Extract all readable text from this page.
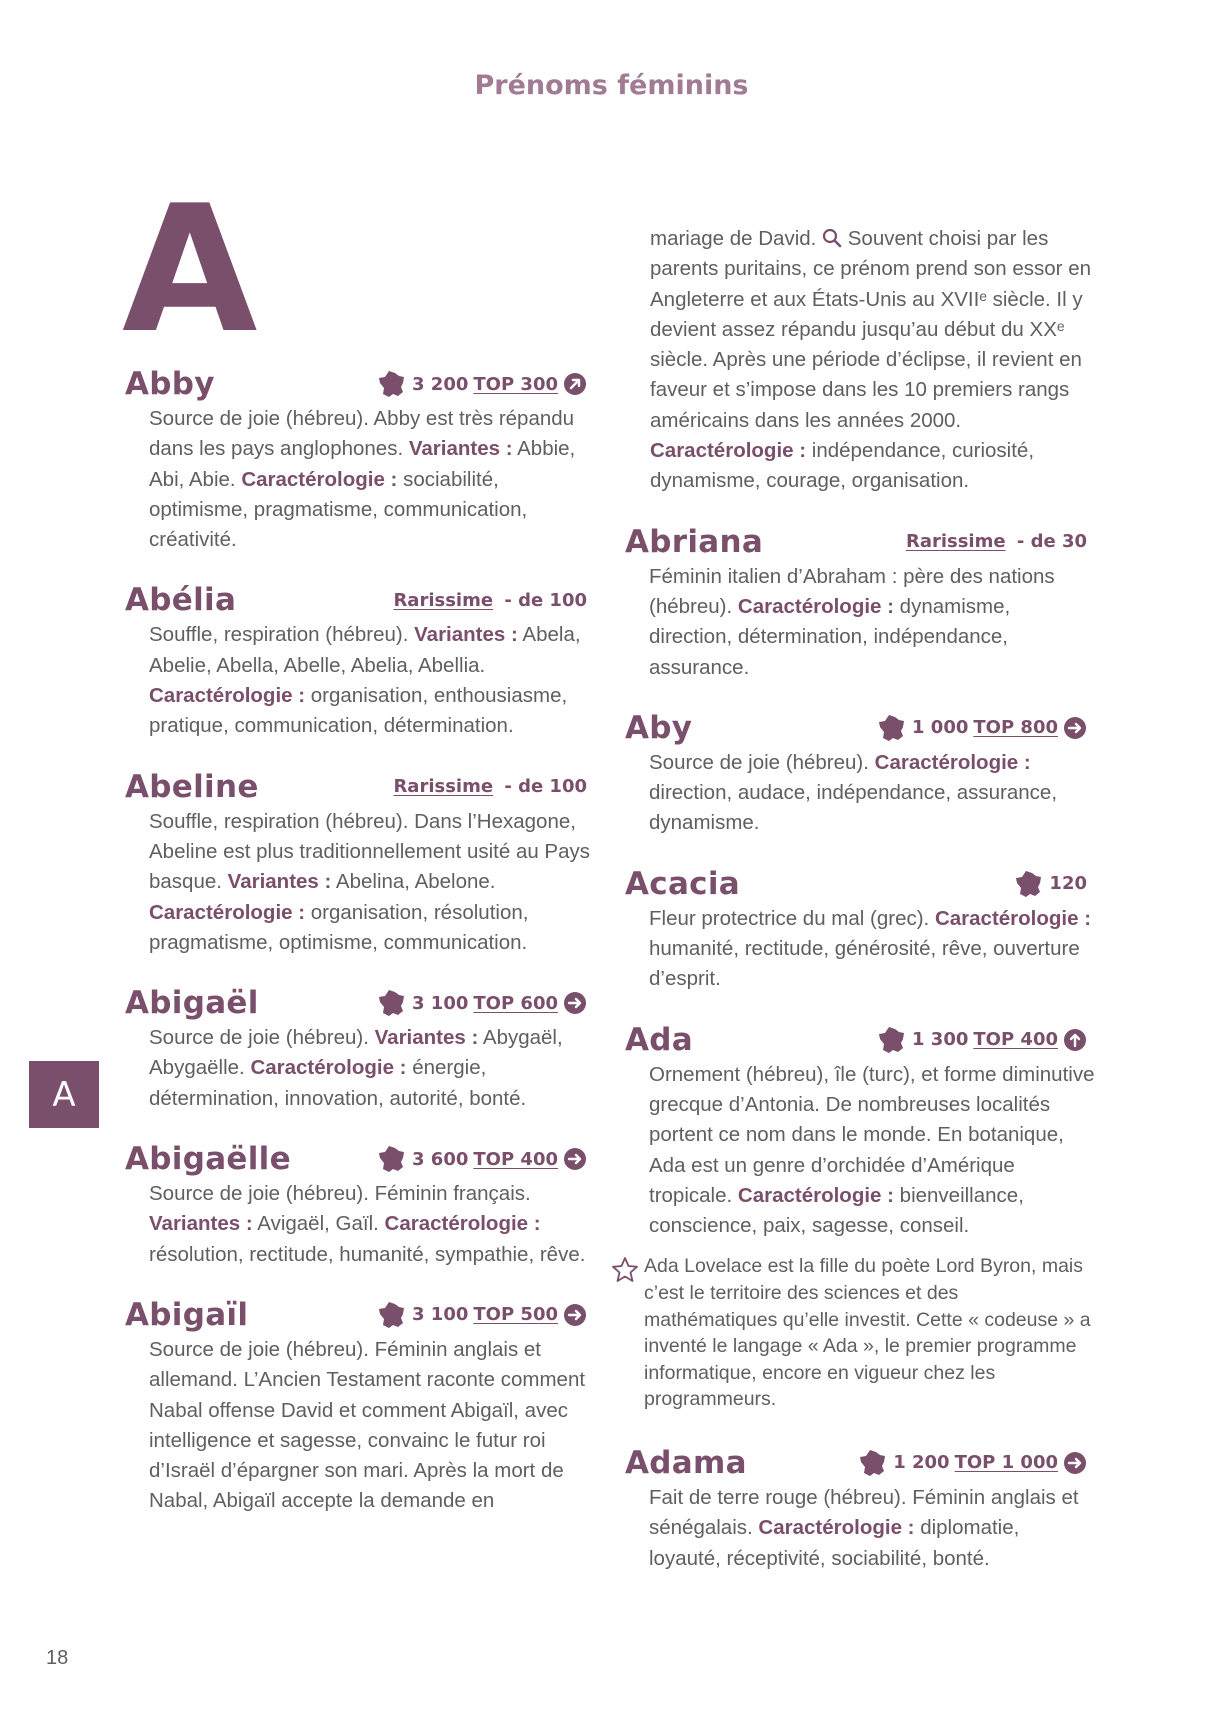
Prénoms féminins
A
Abby	3 200 TOP 300
Source de joie (hébreu). Abby est très répandu dans les pays anglophones. Variantes : Abbie, Abi, Abie. Caractérologie : sociabilité, optimisme, pragmatisme, communication, créativité.
Abélia	Rarissime - de 100
Souffle, respiration (hébreu). Variantes : Abela, Abelie, Abella, Abelle, Abelia, Abellia. Caractérologie : organisation, enthousiasme, pratique, communication, détermination.
Abeline	Rarissime - de 100
Souffle, respiration (hébreu). Dans l’Hexagone, Abeline est plus traditionnellement usité au Pays basque. Variantes : Abelina, Abelone. Caractérologie : organisation, résolution, pragmatisme, optimisme, communication.
Abigaël	3 100 TOP 600
Source de joie (hébreu). Variantes : Abygaël, Abygaëlle. Caractérologie : énergie, détermination, innovation, autorité, bonté.
Abigaëlle	3 600 TOP 400
Source de joie (hébreu). Féminin français. Variantes : Avigaël, Gaïl. Caractérologie : résolution, rectitude, humanité, sympathie, rêve.
Abigaïl	3 100 TOP 500
Source de joie (hébreu). Féminin anglais et allemand. L’Ancien Testament raconte comment Nabal offense David et comment Abigaïl, avec intelligence et sagesse, convainc le futur roi d’Israël d’épargner son mari. Après la mort de Nabal, Abigaïl accepte la demande en
mariage de David.  Souvent choisi par les parents puritains, ce prénom prend son essor en Angleterre et aux États-Unis au XVIIᵉ siècle. Il y devient assez répandu jusqu’au début du XXᵉ siècle. Après une période d’éclipse, il revient en faveur et s’impose dans les 10 premiers rangs américains dans les années 2000. Caractérologie : indépendance, curiosité, dynamisme, courage, organisation.
Abriana	Rarissime - de 30
Féminin italien d’Abraham : père des nations (hébreu). Caractérologie : dynamisme, direction, détermination, indépendance, assurance.
Aby	1 000 TOP 800
Source de joie (hébreu). Caractérologie : direction, audace, indépendance, assurance, dynamisme.
Acacia	120
Fleur protectrice du mal (grec). Caractérologie : humanité, rectitude, générosité, rêve, ouverture d’esprit.
Ada	1 300 TOP 400
Ornement (hébreu), île (turc), et forme diminutive grecque d’Antonia. De nombreuses localités portent ce nom dans le monde. En botanique, Ada est un genre d’orchidée d’Amérique tropicale. Caractérologie : bienveillance, conscience, paix, sagesse, conseil.
Ada Lovelace est la fille du poète Lord Byron, mais c’est le territoire des sciences et des mathématiques qu’elle investit. Cette « codeuse » a inventé le langage « Ada », le premier programme informatique, encore en vigueur chez les programmeurs.
Adama	1 200 TOP 1 000
Fait de terre rouge (hébreu). Féminin anglais et sénégalais. Caractérologie : diplomatie, loyauté, réceptivité, sociabilité, bonté.
A
18
